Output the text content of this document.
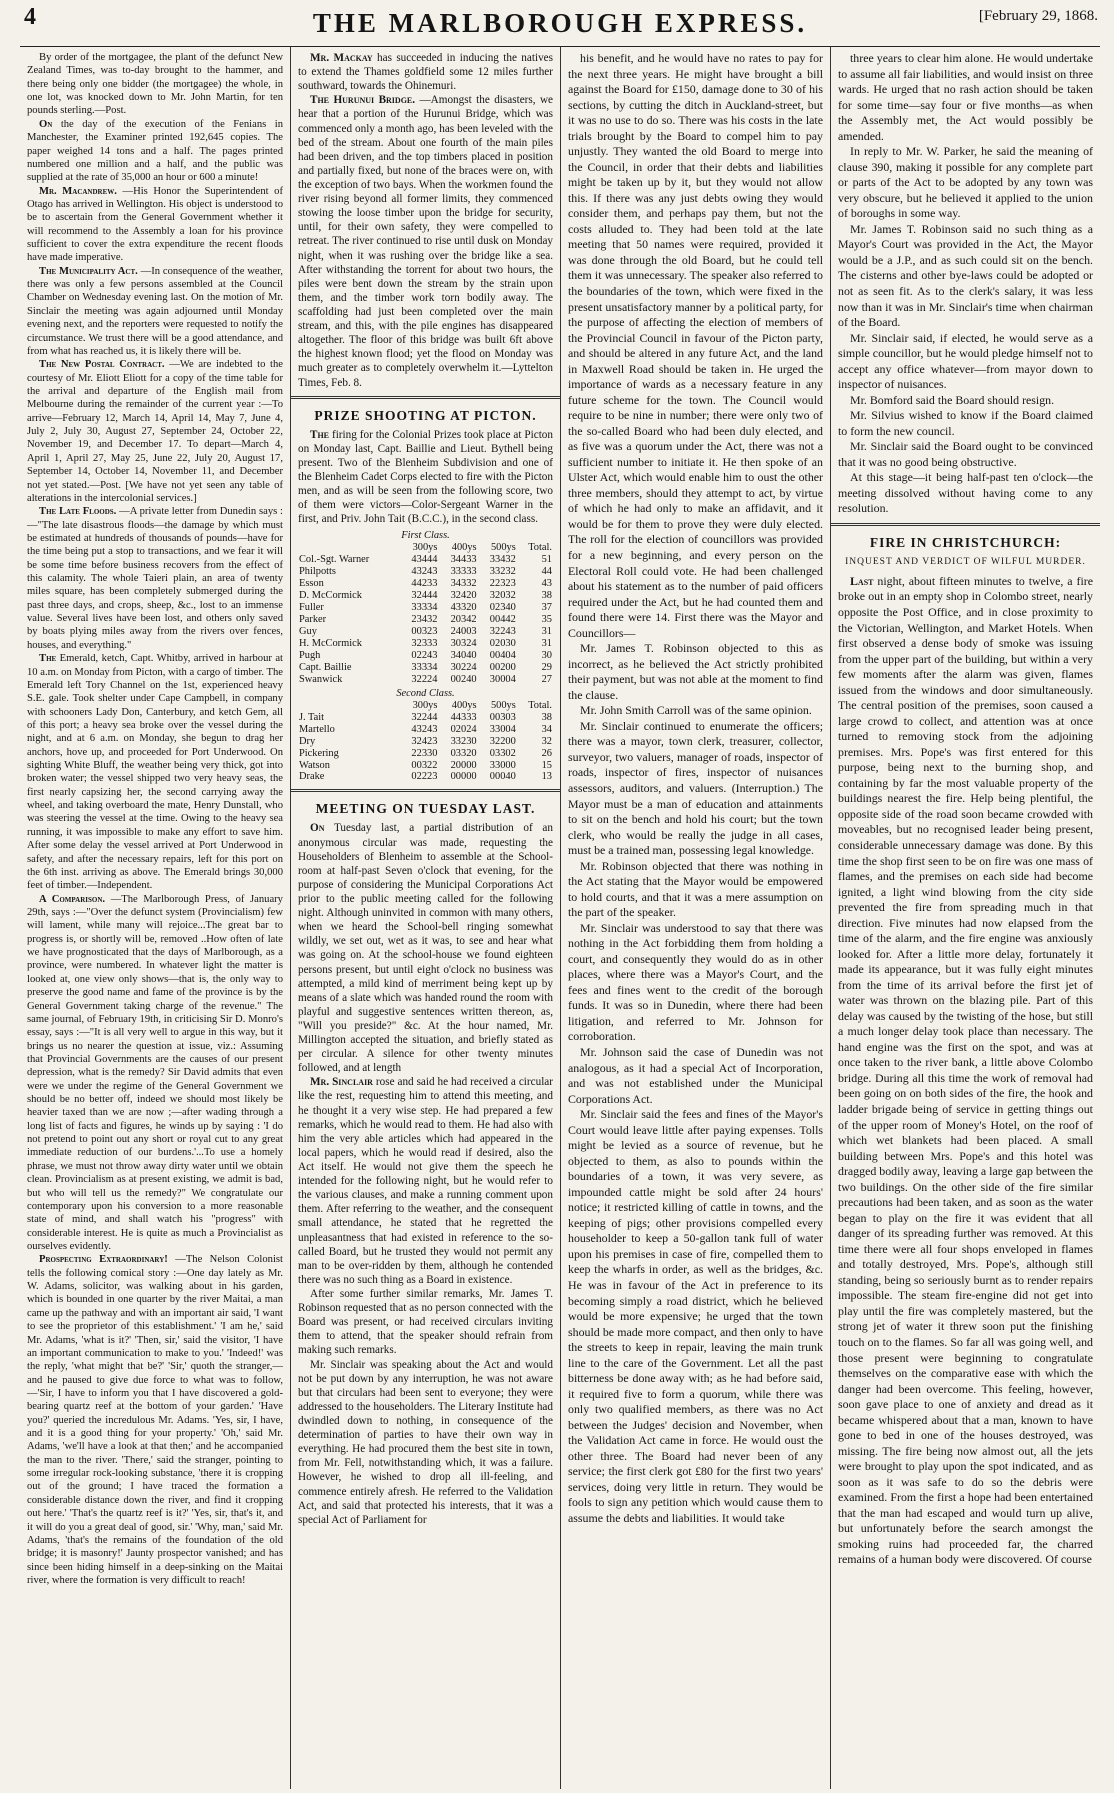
4	THE MARLBOROUGH EXPRESS.	[February 29, 1868.

By order of the mortgagee, the plant of the defunct New Zealand Times, was to-day brought to the hammer, and there being only one bidder (the mortgagee) the whole, in one lot, was knocked down to Mr. John Martin, for ten pounds sterling.—Post.

On the day of the execution of the Fenians in Manchester, the Examiner printed 192,645 copies. The paper weighed 14 tons and a half. The pages printed numbered one million and a half, and the public was supplied at the rate of 35,000 an hour or 600 a minute!

Mr. Macandrew. —His Honor the Superintendent of Otago has arrived in Wellington. His object is understood to be to ascertain from the General Government whether it will recommend to the Assembly a loan for his province sufficient to cover the extra expenditure the recent floods have made imperative.

The Municipality Act. —In consequence of the weather, there was only a few persons assembled at the Council Chamber on Wednesday evening last. On the motion of Mr. Sinclair the meeting was again adjourned until Monday evening next, and the reporters were requested to notify the circumstance. We trust there will be a good attendance, and from what has reached us, it is likely there will be.

The New Postal Contract. —We are indebted to the courtesy of Mr. Eliott Eliott for a copy of the time table for the arrival and departure of the English mail from Melbourne during the remainder of the current year :—To arrive—February 12, March 14, April 14, May 7, June 4, July 2, July 30, August 27, September 24, October 22, November 19, and December 17. To depart—March 4, April 1, April 27, May 25, June 22, July 20, August 17, September 14, October 14, November 11, and December not yet stated.—Post. [We have not yet seen any table of alterations in the intercolonial services.]

The Late Floods. —A private letter from Dunedin says :—"The late disastrous floods—the damage by which must be estimated at hundreds of thousands of pounds—have for the time being put a stop to transactions, and we fear it will be some time before business recovers from the effect of this calamity. The whole Taieri plain, an area of twenty miles square, has been completely submerged during the past three days, and crops, sheep, &c., lost to an immense value. Several lives have been lost, and others only saved by boats plying miles away from the rivers over fences, houses, and everything."

The Emerald, ketch, Capt. Whitby, arrived in harbour at 10 a.m. on Monday from Picton, with a cargo of timber. The Emerald left Tory Channel on the 1st, experienced heavy S.E. gale. Took shelter under Cape Campbell, in company with schooners Lady Don, Canterbury, and ketch Gem, all of this port; a heavy sea broke over the vessel during the night, and at 6 a.m. on Monday, she begun to drag her anchors, hove up, and proceeded for Port Underwood. On sighting White Bluff, the weather being very thick, got into broken water; the vessel shipped two very heavy seas, the first nearly capsizing her, the second carrying away the wheel, and taking overboard the mate, Henry Dunstall, who was steering the vessel at the time. Owing to the heavy sea running, it was impossible to make any effort to save him. After some delay the vessel arrived at Port Underwood in safety, and after the necessary repairs, left for this port on the 6th inst. arriving as above. The Emerald brings 30,000 feet of timber.—Independent.

A Comparison. —The Marlborough Press, of January 29th, says :—"Over the defunct system (Provincialism) few will lament, while many will rejoice...The great bar to progress is, or shortly will be, removed ..How often of late we have prognosticated that the days of Marlborough, as a province, were numbered. In whatever light the matter is looked at, one view only shows—that is, the only way to preserve the good name and fame of the province is by the General Government taking charge of the revenue." The same journal, of February 19th, in criticising Sir D. Monro's essay, says :—"It is all very well to argue in this way, but it brings us no nearer the question at issue, viz.: Assuming that Provincial Governments are the causes of our present depression, what is the remedy? Sir David admits that even were we under the regime of the General Government we should be no better off, indeed we should most likely be heavier taxed than we are now ;—after wading through a long list of facts and figures, he winds up by saying : 'I do not pretend to point out any short or royal cut to any great immediate reduction of our burdens.'...To use a homely phrase, we must not throw away dirty water until we obtain clean. Provincialism as at present existing, we admit is bad, but who will tell us the remedy?" We congratulate our contemporary upon his conversion to a more reasonable state of mind, and shall watch his "progress" with considerable interest. He is quite as much a Provincialist as ourselves evidently.

Prospecting Extraordinary! —The Nelson Colonist tells the following comical story :—One day lately as Mr. W. Adams, solicitor, was walking about in his garden, which is bounded in one quarter by the river Maitai, a man came up the pathway and with an important air said, 'I want to see the proprietor of this establishment.' 'I am he,' said Mr. Adams, 'what is it?' 'Then, sir,' said the visitor, 'I have an important communication to make to you.' 'Indeed!' was the reply, 'what might that be?' 'Sir,' quoth the stranger,—and he paused to give due force to what was to follow,—'Sir, I have to inform you that I have discovered a gold-bearing quartz reef at the bottom of your garden.' 'Have you?' queried the incredulous Mr. Adams. 'Yes, sir, I have, and it is a good thing for your property.' 'Oh,' said Mr. Adams, 'we'll have a look at that then;' and he accompanied the man to the river. 'There,' said the stranger, pointing to some irregular rock-looking substance, 'there it is cropping out of the ground; I have traced the formation a considerable distance down the river, and find it cropping out here.' 'That's the quartz reef is it?' 'Yes, sir, that's it, and it will do you a great deal of good, sir.' 'Why, man,' said Mr. Adams, 'that's the remains of the foundation of the old bridge; it is masonry!' Jaunty prospector vanished; and has since been hiding himself in a deep-sinking on the Maitai river, where the formation is very difficult to reach!

Mr. Mackay has succeeded in inducing the natives to extend the Thames goldfield some 12 miles further southward, towards the Ohinemuri.

The Hurunui Bridge. —Amongst the disasters, we hear that a portion of the Hurunui Bridge, which was commenced only a month ago, has been leveled with the bed of the stream. About one fourth of the main piles had been driven, and the top timbers placed in position and partially fixed, but none of the braces were on, with the exception of two bays. When the workmen found the river rising beyond all former limits, they commenced stowing the loose timber upon the bridge for security, until, for their own safety, they were compelled to retreat. The river continued to rise until dusk on Monday night, when it was rushing over the bridge like a sea. After withstanding the torrent for about two hours, the piles were bent down the stream by the strain upon them, and the timber work torn bodily away. The scaffolding had just been completed over the main stream, and this, with the pile engines has disappeared altogether. The floor of this bridge was built 6ft above the highest known flood; yet the flood on Monday was much greater as to completely overwhelm it.—Lyttelton Times, Feb. 8.

PRIZE SHOOTING AT PICTON.

The firing for the Colonial Prizes took place at Picton on Monday last, Capt. Baillie and Lieut. Bythell being present. Two of the Blenheim Subdivision and one of the Blenheim Cadet Corps elected to fire with the Picton men, and as will be seen from the following score, two of them were victors—Color-Sergeant Warner in the first, and Priv. John Tait (B.C.C.), in the second class.

First Class.				
	300ys	400ys	500ys	Total.
Col.-Sgt. Warner	43444	34433	33432	51
Philpotts	43243	33333	33232	44
Esson	44233	34332	22323	43
D. McCormick	32444	32420	32032	38
Fuller	33334	43320	02340	37
Parker	23432	20342	00442	35
Guy	00323	24003	32243	31
H. McCormick	32333	30324	02030	31
Pugh	02243	34040	00404	30
Capt. Baillie	33334	30224	00200	29
Swanwick	32224	00240	30004	27
Second Class.				
	300ys	400ys	500ys	Total.
J. Tait	32244	44333	00303	38
Martello	43243	02024	33004	34
Dry	32423	33230	32200	32
Pickering	22330	03320	03302	26
Watson	00322	20000	33000	15
Drake	02223	00000	00040	13
MEETING ON TUESDAY LAST.

On Tuesday last, a partial distribution of an anonymous circular was made, requesting the Householders of Blenheim to assemble at the School-room at half-past Seven o'clock that evening, for the purpose of considering the Municipal Corporations Act prior to the public meeting called for the following night. Although uninvited in common with many others, when we heard the School-bell ringing somewhat wildly, we set out, wet as it was, to see and hear what was going on. At the school-house we found eighteen persons present, but until eight o'clock no business was attempted, a mild kind of merriment being kept up by means of a slate which was handed round the room with playful and suggestive sentences written thereon, as, "Will you preside?" &c. At the hour named, Mr. Millington accepted the situation, and briefly stated as per circular. A silence for other twenty minutes followed, and at length

Mr. Sinclair rose and said he had received a circular like the rest, requesting him to attend this meeting, and he thought it a very wise step. He had prepared a few remarks, which he would read to them. He had also with him the very able articles which had appeared in the local papers, which he would read if desired, also the Act itself. He would not give them the speech he intended for the following night, but he would refer to the various clauses, and make a running comment upon them. After referring to the weather, and the consequent small attendance, he stated that he regretted the unpleasantness that had existed in reference to the so-called Board, but he trusted they would not permit any man to be over-ridden by them, although he contended there was no such thing as a Board in existence.

After some further similar remarks, Mr. James T. Robinson requested that as no person connected with the Board was present, or had received circulars inviting them to attend, that the speaker should refrain from making such remarks.

Mr. Sinclair was speaking about the Act and would not be put down by any interruption, he was not aware but that circulars had been sent to everyone; they were addressed to the householders. The Literary Institute had dwindled down to nothing, in consequence of the determination of parties to have their own way in everything. He had procured them the best site in town, from Mr. Fell, notwithstanding which, it was a failure. However, he wished to drop all ill-feeling, and commence entirely afresh. He referred to the Validation Act, and said that protected his interests, that it was a special Act of Parliament for

his benefit, and he would have no rates to pay for the next three years. He might have brought a bill against the Board for £150, damage done to 30 of his sections, by cutting the ditch in Auckland-street, but it was no use to do so. There was his costs in the late trials brought by the Board to compel him to pay unjustly. They wanted the old Board to merge into the Council, in order that their debts and liabilities might be taken up by it, but they would not allow this. If there was any just debts owing they would consider them, and perhaps pay them, but not the costs alluded to. They had been told at the late meeting that 50 names were required, provided it was done through the old Board, but he could tell them it was unnecessary. The speaker also referred to the boundaries of the town, which were fixed in the present unsatisfactory manner by a political party, for the purpose of affecting the election of members of the Provincial Council in favour of the Picton party, and should be altered in any future Act, and the land in Maxwell Road should be taken in. He urged the importance of wards as a necessary feature in any future scheme for the town. The Council would require to be nine in number; there were only two of the so-called Board who had been duly elected, and as five was a quorum under the Act, there was not a sufficient number to initiate it. He then spoke of an Ulster Act, which would enable him to oust the other three members, should they attempt to act, by virtue of which he had only to make an affidavit, and it would be for them to prove they were duly elected. The roll for the election of councillors was provided for a new beginning, and every person on the Electoral Roll could vote. He had been challenged about his statement as to the number of paid officers required under the Act, but he had counted them and found there were 14. First there was the Mayor and Councillors—

Mr. James T. Robinson objected to this as incorrect, as he believed the Act strictly prohibited their payment, but was not able at the moment to find the clause.

Mr. John Smith Carroll was of the same opinion.

Mr. Sinclair continued to enumerate the officers; there was a mayor, town clerk, treasurer, collector, surveyor, two valuers, manager of roads, inspector of roads, inspector of fires, inspector of nuisances assessors, auditors, and valuers. (Interruption.) The Mayor must be a man of education and attainments to sit on the bench and hold his court; but the town clerk, who would be really the judge in all cases, must be a trained man, possessing legal knowledge.

Mr. Robinson objected that there was nothing in the Act stating that the Mayor would be empowered to hold courts, and that it was a mere assumption on the part of the speaker.

Mr. Sinclair was understood to say that there was nothing in the Act forbidding them from holding a court, and consequently they would do as in other places, where there was a Mayor's Court, and the fees and fines went to the credit of the borough funds. It was so in Dunedin, where there had been litigation, and referred to Mr. Johnson for corroboration.

Mr. Johnson said the case of Dunedin was not analogous, as it had a special Act of Incorporation, and was not established under the Municipal Corporations Act.

Mr. Sinclair said the fees and fines of the Mayor's Court would leave little after paying expenses. Tolls might be levied as a source of revenue, but he objected to them, as also to pounds within the boundaries of a town, it was very severe, as impounded cattle might be sold after 24 hours' notice; it restricted killing of cattle in towns, and the keeping of pigs; other provisions compelled every householder to keep a 50-gallon tank full of water upon his premises in case of fire, compelled them to keep the wharfs in order, as well as the bridges, &c. He was in favour of the Act in preference to its becoming simply a road district, which he believed would be more expensive; he urged that the town should be made more compact, and then only to have the streets to keep in repair, leaving the main trunk line to the care of the Government. Let all the past bitterness be done away with; as he had before said, it required five to form a quorum, while there was only two qualified members, as there was no Act between the Judges' decision and November, when the Validation Act came in force. He would oust the other three. The Board had never been of any service; the first clerk got £80 for the first two years' services, doing very little in return. They would be fools to sign any petition which would cause them to assume the debts and liabilities. It would take

three years to clear him alone. He would undertake to assume all fair liabilities, and would insist on three wards. He urged that no rash action should be taken for some time—say four or five months—as when the Assembly met, the Act would possibly be amended.

In reply to Mr. W. Parker, he said the meaning of clause 390, making it possible for any complete part or parts of the Act to be adopted by any town was very obscure, but he believed it applied to the union of boroughs in some way.

Mr. James T. Robinson said no such thing as a Mayor's Court was provided in the Act, the Mayor would be a J.P., and as such could sit on the bench. The cisterns and other bye-laws could be adopted or not as seen fit. As to the clerk's salary, it was less now than it was in Mr. Sinclair's time when chairman of the Board.

Mr. Sinclair said, if elected, he would serve as a simple councillor, but he would pledge himself not to accept any office whatever—from mayor down to inspector of nuisances.

Mr. Bomford said the Board should resign.

Mr. Silvius wished to know if the Board claimed to form the new council.

Mr. Sinclair said the Board ought to be convinced that it was no good being obstructive.

At this stage—it being half-past ten o'clock—the meeting dissolved without having come to any resolution.

FIRE IN CHRISTCHURCH:
INQUEST AND VERDICT OF WILFUL MURDER.

Last night, about fifteen minutes to twelve, a fire broke out in an empty shop in Colombo street, nearly opposite the Post Office, and in close proximity to the Victorian, Wellington, and Market Hotels. When first observed a dense body of smoke was issuing from the upper part of the building, but within a very few moments after the alarm was given, flames issued from the windows and door simultaneously. The central position of the premises, soon caused a large crowd to collect, and attention was at once turned to removing stock from the adjoining premises. Mrs. Pope's was first entered for this purpose, being next to the burning shop, and containing by far the most valuable property of the buildings nearest the fire. Help being plentiful, the opposite side of the road soon became crowded with moveables, but no recognised leader being present, considerable unnecessary damage was done. By this time the shop first seen to be on fire was one mass of flames, and the premises on each side had become ignited, a light wind blowing from the city side prevented the fire from spreading much in that direction. Five minutes had now elapsed from the time of the alarm, and the fire engine was anxiously looked for. After a little more delay, fortunately it made its appearance, but it was fully eight minutes from the time of its arrival before the first jet of water was thrown on the blazing pile. Part of this delay was caused by the twisting of the hose, but still a much longer delay took place than necessary. The hand engine was the first on the spot, and was at once taken to the river bank, a little above Colombo bridge. During all this time the work of removal had been going on on both sides of the fire, the hook and ladder brigade being of service in getting things out of the upper room of Money's Hotel, on the roof of which wet blankets had been placed. A small building between Mrs. Pope's and this hotel was dragged bodily away, leaving a large gap between the two buildings. On the other side of the fire similar precautions had been taken, and as soon as the water began to play on the fire it was evident that all danger of its spreading further was removed. At this time there were all four shops enveloped in flames and totally destroyed, Mrs. Pope's, although still standing, being so seriously burnt as to render repairs impossible. The steam fire-engine did not get into play until the fire was completely mastered, but the strong jet of water it threw soon put the finishing touch on to the flames. So far all was going well, and those present were beginning to congratulate themselves on the comparative ease with which the danger had been overcome. This feeling, however, soon gave place to one of anxiety and dread as it became whispered about that a man, known to have gone to bed in one of the houses destroyed, was missing. The fire being now almost out, all the jets were brought to play upon the spot indicated, and as soon as it was safe to do so the debris were examined. From the first a hope had been entertained that the man had escaped and would turn up alive, but unfortunately before the search amongst the smoking ruins had proceeded far, the charred remains of a human body were discovered. Of course
